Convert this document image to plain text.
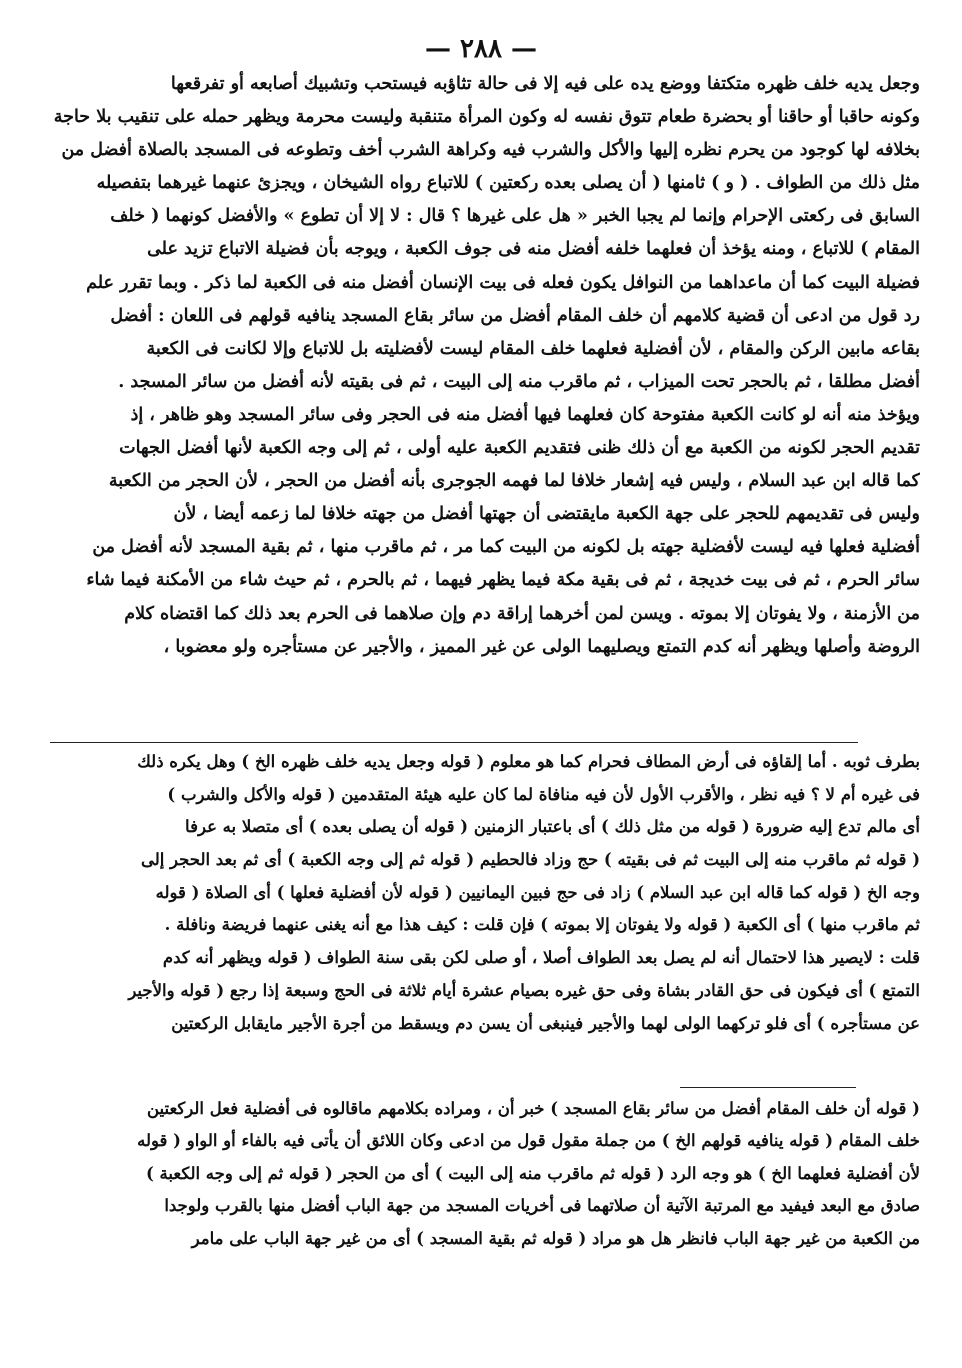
— ٢٨٨ —
وجعل يديه خلف ظهره متكتفا ووضع يده على فيه إلا فى حالة تثاؤبه فيستحب وتشبيك أصابعه أو تفرقعها
وكونه حاقبا أو حاقنا أو بحضرة طعام تتوق نفسه له وكون المرأة متنقبة وليست محرمة ويظهر حمله على تنقيب بلا حاجة
بخلافه لها كوجود من يحرم نظره إليها والأكل والشرب فيه وكراهة الشرب أخف وتطوعه فى المسجد بالصلاة أفضل من
مثل ذلك من الطواف . ( و ) ثامنها ( أن يصلى بعده ركعتين ) للاتباع رواه الشيخان ، ويجزئ عنهما غيرهما بتفصيله
السابق فى ركعتى الإحرام وإنما لم يجبا الخبر « هل على غيرها ؟ قال : لا إلا أن تطوع » والأفضل كونهما ( خلف
المقام ) للاتباع ، ومنه يؤخذ أن فعلهما خلفه أفضل منه فى جوف الكعبة ، ويوجه بأن فضيلة الاتباع تزيد على
فضيلة البيت كما أن ماعداهما من النوافل يكون فعله فى بيت الإنسان أفضل منه فى الكعبة لما ذكر . وبما تقرر علم
رد قول من ادعى أن قضية كلامهم أن خلف المقام أفضل من سائر بقاع المسجد ينافيه قولهم فى اللعان : أفضل
بقاعه مابين الركن والمقام ، لأن أفضلية فعلهما خلف المقام ليست لأفضليته بل للاتباع وإلا لكانت فى الكعبة
أفضل مطلقا ، ثم بالحجر تحت الميزاب ، ثم ماقرب منه إلى البيت ، ثم فى بقيته لأنه أفضل من سائر المسجد .
ويؤخذ منه أنه لو كانت الكعبة مفتوحة كان فعلهما فيها أفضل منه فى الحجر وفى سائر المسجد وهو ظاهر ، إذ
تقديم الحجر لكونه من الكعبة مع أن ذلك ظنى فتقديم الكعبة عليه أولى ، ثم إلى وجه الكعبة لأنها أفضل الجهات
كما قاله ابن عبد السلام ، وليس فيه إشعار خلافا لما فهمه الجوجرى بأنه أفضل من الحجر ، لأن الحجر من الكعبة
وليس فى تقديمهم للحجر على جهة الكعبة مايقتضى أن جهتها أفضل من جهته خلافا لما زعمه أيضا ، لأن
أفضلية فعلها فيه ليست لأفضلية جهته بل لكونه من البيت كما مر ، ثم ماقرب منها ، ثم بقية المسجد لأنه أفضل من
سائر الحرم ، ثم فى بيت خديجة ، ثم فى بقية مكة فيما يظهر فيهما ، ثم بالحرم ، ثم حيث شاء من الأمكنة فيما شاء
من الأزمنة ، ولا يفوتان إلا بموته . ويسن لمن أخرهما إراقة دم وإن صلاهما فى الحرم بعد ذلك كما اقتضاه كلام
الروضة وأصلها ويظهر أنه كدم التمتع ويصليهما الولى عن غير المميز ، والأجير عن مستأجره ولو معضوبا ،
بطرف ثوبه . أما إلقاؤه فى أرض المطاف فحرام كما هو معلوم ( قوله وجعل يديه خلف ظهره الخ ) وهل يكره ذلك
فى غيره أم لا ؟ فيه نظر ، والأقرب الأول لأن فيه منافاة لما كان عليه هيئة المتقدمين ( قوله والأكل والشرب )
أى مالم تدع إليه ضرورة ( قوله من مثل ذلك ) أى باعتبار الزمنين ( قوله أن يصلى بعده ) أى متصلا به عرفا
( قوله ثم ماقرب منه إلى البيت ثم فى بقيته ) حج وزاد فالحطيم ( قوله ثم إلى وجه الكعبة ) أى ثم بعد الحجر إلى
وجه الخ ( قوله كما قاله ابن عبد السلام ) زاد فى حج فبين اليمانيين ( قوله لأن أفضلية فعلها ) أى الصلاة ( قوله
ثم ماقرب منها ) أى الكعبة ( قوله ولا يفوتان إلا بموته ) فإن قلت : كيف هذا مع أنه يغنى عنهما فريضة ونافلة .
قلت : لايصير هذا لاحتمال أنه لم يصل بعد الطواف أصلا ، أو صلى لكن بقى سنة الطواف ( قوله ويظهر أنه كدم
التمتع ) أى فيكون فى حق القادر بشاة وفى حق غيره بصيام عشرة أيام ثلاثة فى الحج وسبعة إذا رجع ( قوله والأجير
عن مستأجره ) أى فلو تركهما الولى لهما والأجير فينبغى أن يسن دم ويسقط من أجرة الأجير مايقابل الركعتين
( قوله أن خلف المقام أفضل من سائر بقاع المسجد ) خبر أن ، ومراده بكلامهم ماقالوه فى أفضلية فعل الركعتين
خلف المقام ( قوله ينافيه قولهم الخ ) من جملة مقول قول من ادعى وكان اللائق أن يأتى فيه بالفاء أو الواو ( قوله
لأن أفضلية فعلهما الخ ) هو وجه الرد ( قوله ثم ماقرب منه إلى البيت ) أى من الحجر ( قوله ثم إلى وجه الكعبة )
صادق مع البعد فيفيد مع المرتبة الآتية أن صلاتهما فى أخريات المسجد من جهة الباب أفضل منها بالقرب ولوجدا
من الكعبة من غير جهة الباب فانظر هل هو مراد ( قوله ثم بقية المسجد ) أى من غير جهة الباب على مامر
